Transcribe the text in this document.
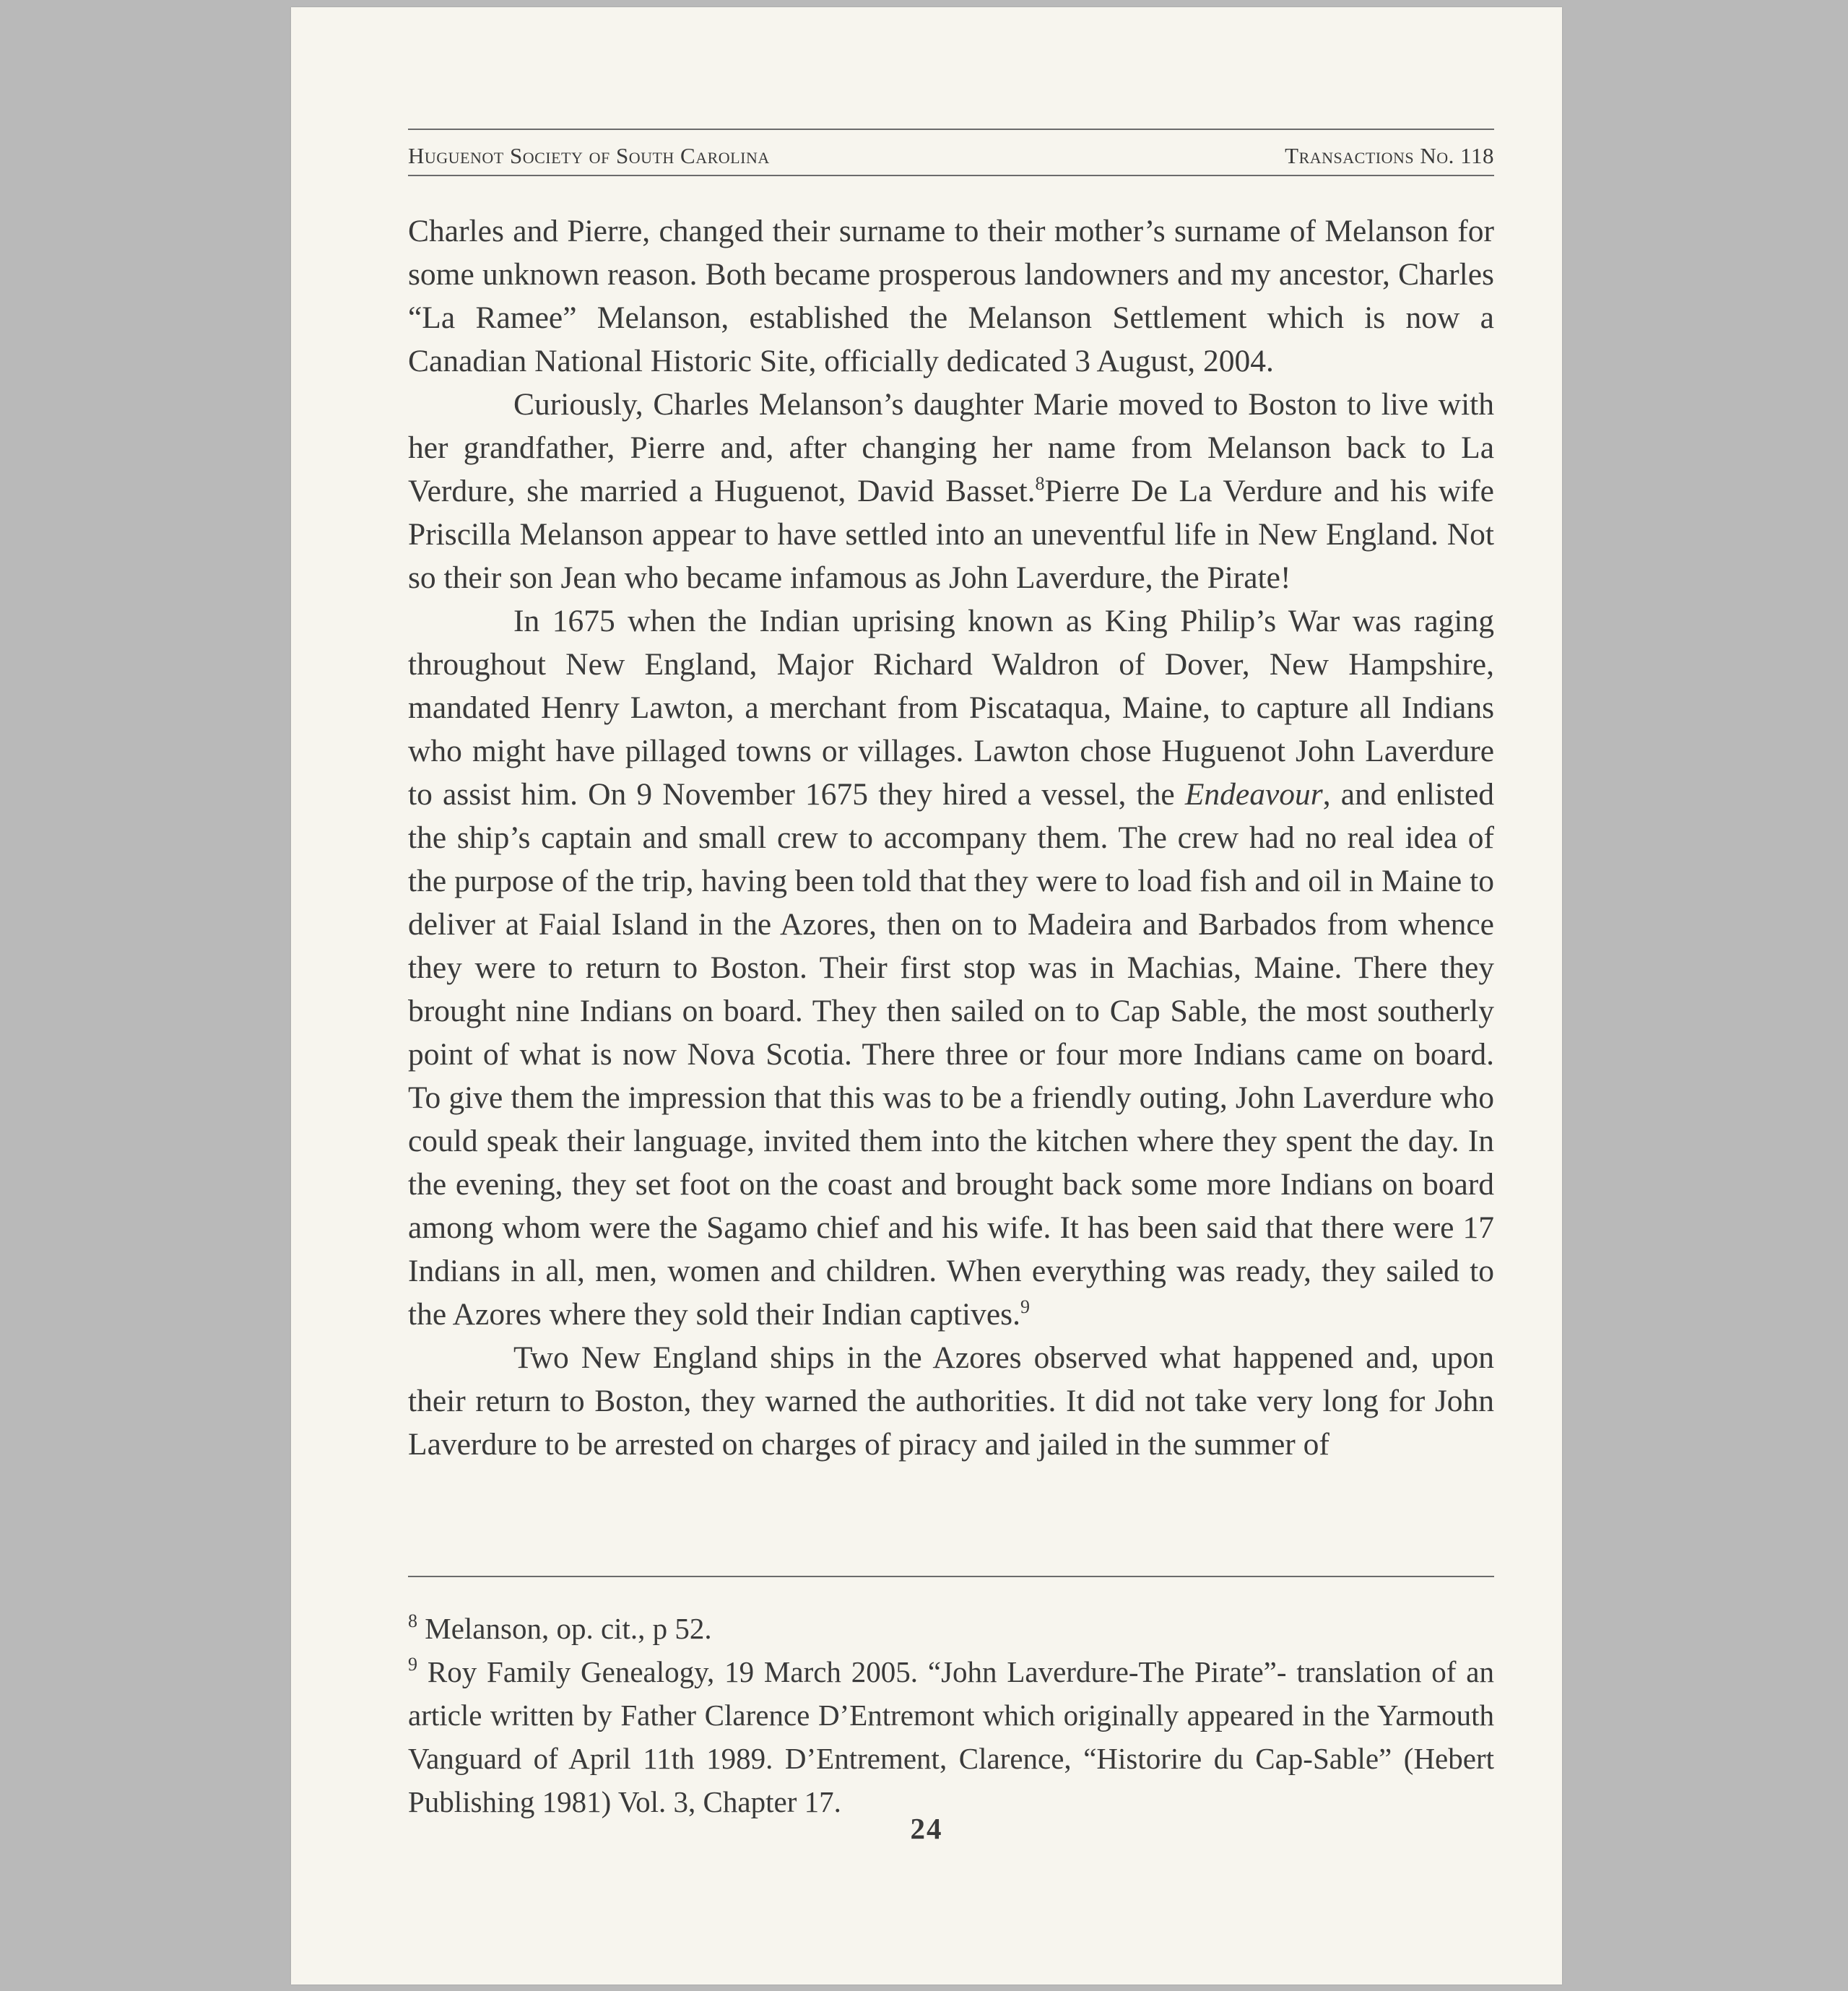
Huguenot Society of South Carolina	Transactions No. 118

Charles and Pierre, changed their surname to their mother’s surname of Melanson for some unknown reason. Both became prosperous landowners and my ancestor, Charles “La Ramee” Melanson, established the Melanson Settlement which is now a Canadian National Historic Site, officially dedicated 3 August, 2004.

Curiously, Charles Melanson’s daughter Marie moved to Boston to live with her grandfather, Pierre and, after changing her name from Melanson back to La Verdure, she married a Huguenot, David Basset.$^8$Pierre De La Verdure and his wife Priscilla Melanson appear to have settled into an uneventful life in New England. Not so their son Jean who became infamous as John Laverdure, the Pirate!

In 1675 when the Indian uprising known as King Philip’s War was raging throughout New England, Major Richard Waldron of Dover, New Hampshire, mandated Henry Lawton, a merchant from Piscataqua, Maine, to capture all Indians who might have pillaged towns or villages. Lawton chose Huguenot John Laverdure to assist him. On 9 November 1675 they hired a vessel, the Endeavour, and enlisted the ship’s captain and small crew to accompany them. The crew had no real idea of the purpose of the trip, having been told that they were to load fish and oil in Maine to deliver at Faial Island in the Azores, then on to Madeira and Barbados from whence they were to return to Boston. Their first stop was in Machias, Maine. There they brought nine Indians on board. They then sailed on to Cap Sable, the most southerly point of what is now Nova Scotia. There three or four more Indians came on board. To give them the impression that this was to be a friendly outing, John Laverdure who could speak their language, invited them into the kitchen where they spent the day. In the evening, they set foot on the coast and brought back some more Indians on board among whom were the Sagamo chief and his wife. It has been said that there were 17 Indians in all, men, women and children. When everything was ready, they sailed to the Azores where they sold their Indian captives.$^9$

Two New England ships in the Azores observed what happened and, upon their return to Boston, they warned the authorities. It did not take very long for John Laverdure to be arrested on charges of piracy and jailed in the summer of

$^8$ Melanson, op. cit., p 52.

$^9$ Roy Family Genealogy, 19 March 2005. “John Laverdure-The Pirate”- translation of an article written by Father Clarence D’Entremont which originally appeared in the Yarmouth Vanguard of April 11th 1989. D’Entrement, Clarence, “Historire du Cap-Sable” (Hebert Publishing 1981) Vol. 3, Chapter 17.

24
